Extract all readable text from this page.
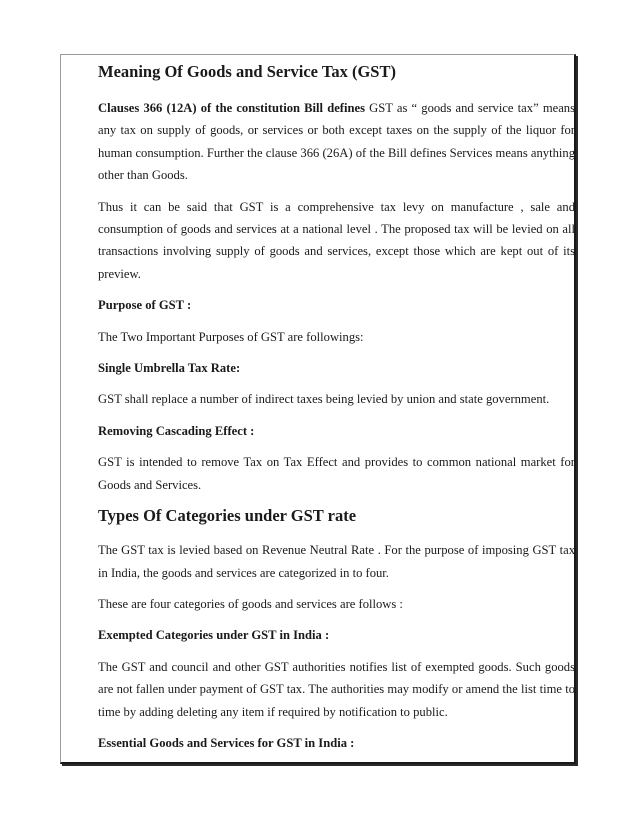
Meaning Of Goods and Service Tax (GST)

Clauses 366 (12A) of the constitution Bill defines GST as “ goods and service tax” means any tax on supply of goods, or services or both except taxes on the supply of the liquor for human consumption. Further the clause 366 (26A) of the Bill defines Services means anything other than Goods.

Thus it can be said that GST is a comprehensive tax levy on manufacture , sale and consumption of goods and services at a national level . The proposed tax will be levied on all transactions involving supply of goods and services, except those which are kept out of its preview.

Purpose of GST :

The Two Important Purposes of GST are followings:

Single Umbrella Tax Rate:

GST shall replace a number of indirect taxes being levied by union and state government.

Removing Cascading Effect :

GST is intended to remove Tax on Tax Effect and provides to common national market for Goods and Services.

Types Of Categories under GST rate

The GST tax is levied based on Revenue Neutral Rate . For the purpose of imposing GST tax in India, the goods and services are categorized in to four.

These are four categories of goods and services are follows :

Exempted Categories under GST in India :

The GST and council and other GST authorities notifies list of exempted goods. Such goods are not fallen under payment of GST tax. The authorities may modify or amend the list time to time by adding deleting any item if required by notification to public.

Essential Goods and Services for GST in India :
